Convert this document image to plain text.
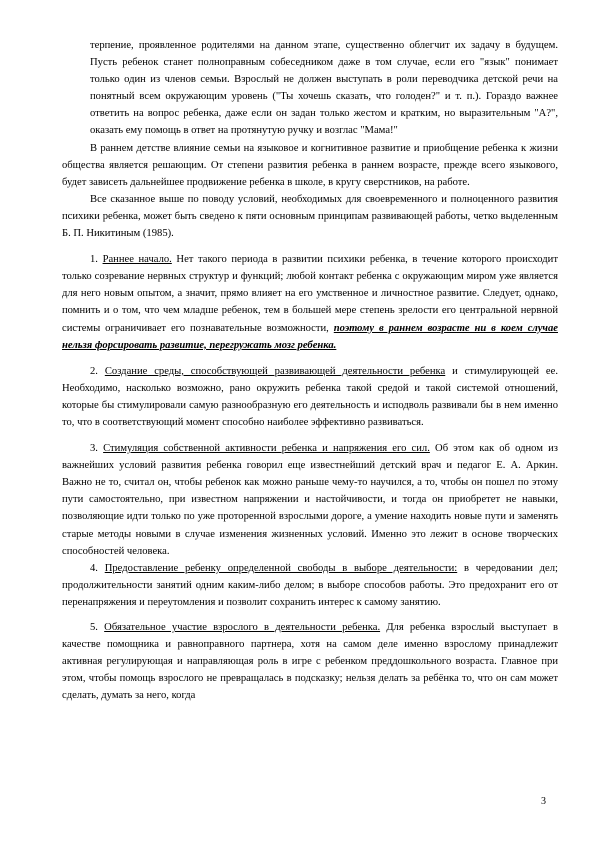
терпение, проявленное родителями на данном этапе, существенно облегчит их задачу в будущем. Пусть ребенок станет полноправным собеседником даже в том случае, если его "язык" понимает только один из членов семьи. Взрослый не должен выступать в роли переводчика детской речи на понятный всем окружающим уровень ("Ты хочешь сказать, что голоден?" и т. п.). Гораздо важнее ответить на вопрос ребенка, даже если он задан только жестом и кратким, но выразительным "А?", оказать ему помощь в ответ на протянутую ручку и возглас "Мама!"

В раннем детстве влияние семьи на языковое и когнитивное развитие и приобщение ребенка к жизни общества является решающим. От степени развития ребенка в раннем возрасте, прежде всего языкового, будет зависеть дальнейшее продвижение ребенка в школе, в кругу сверстников, на работе.

Все сказанное выше по поводу условий, необходимых для своевременного и полноценного развития психики ребенка, может быть сведено к пяти основным принципам развивающей работы, четко выделенным Б. П. Никитиным (1985).

1. Раннее начало. Нет такого периода в развитии психики ребенка, в течение которого происходит только созревание нервных структур и функций; любой контакт ребенка с окружающим миром уже является для него новым опытом, а значит, прямо влияет на его умственное и личностное развитие. Следует, однако, помнить и о том, что чем младше ребенок, тем в большей мере степень зрелости его центральной нервной системы ограничивает его познавательные возможности, поэтому в раннем возрасте ни в коем случае нельзя форсировать развитие, перегружать мозг ребенка.

2. Создание среды, способствующей развивающей деятельности ребенка и стимулирующей ее. Необходимо, насколько возможно, рано окружить ребенка такой средой и такой системой отношений, которые бы стимулировали самую разнообразную его деятельность и исподволь развивали бы в нем именно то, что в соответствующий момент способно наиболее эффективно развиваться.

3. Стимуляция собственной активности ребенка и напряжения его сил. Об этом как об одном из важнейших условий развития ребенка говорил еще известнейший детский врач и педагог Е. А. Аркин. Важно не то, считал он, чтобы ребенок как можно раньше чему-то научился, а то, чтобы он пошел по этому пути самостоятельно, при известном напряжении и настойчивости, и тогда он приобретет не навыки, позволяющие идти только по уже проторенной взрослыми дороге, а умение находить новые пути и заменять старые методы новыми в случае изменения жизненных условий. Именно это лежит в основе творческих способностей человека.

4. Предоставление ребенку определенной свободы в выборе деятельности: в чередовании дел; продолжительности занятий одним каким-либо делом; в выборе способов работы. Это предохранит его от перенапряжения и переутомления и позволит сохранить интерес к самому занятию.

5. Обязательное участие взрослого в деятельности ребенка. Для ребенка взрослый выступает в качестве помощника и равноправного партнера, хотя на самом деле именно взрослому принадлежит активная регулирующая и направляющая роль в игре с ребенком преддошкольного возраста. Главное при этом, чтобы помощь взрослого не превращалась в подсказку; нельзя делать за ребёнка то, что он сам может сделать, думать за него, когда

3
